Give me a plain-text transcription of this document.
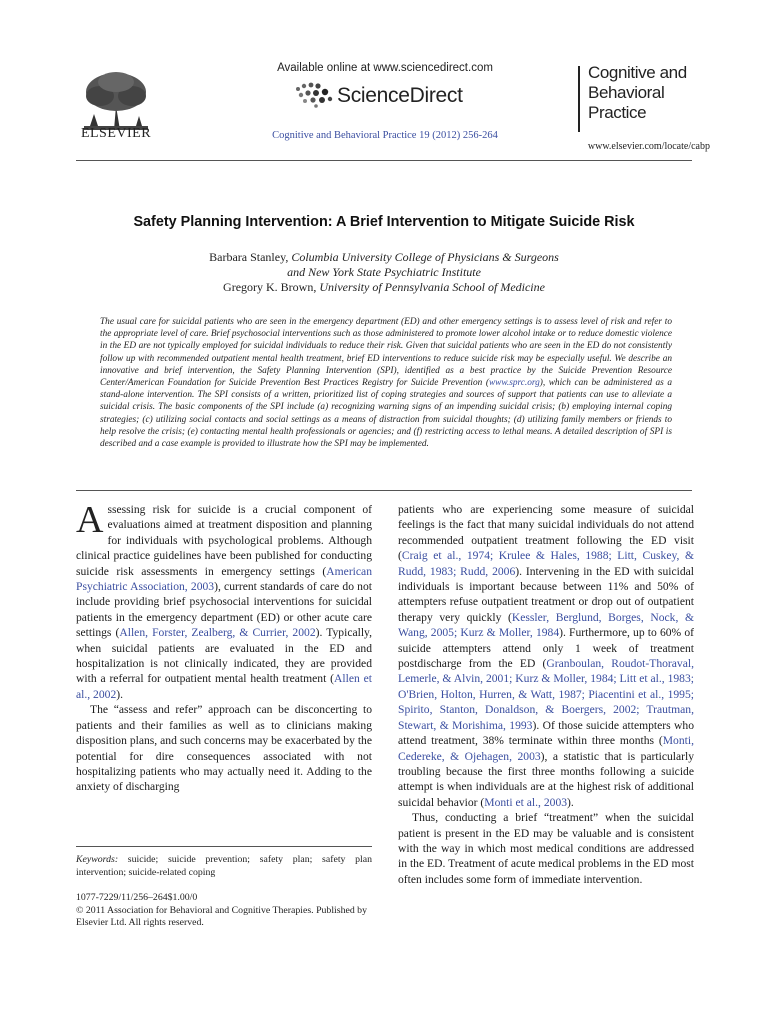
ELSEVIER
Available online at www.sciencedirect.com
ScienceDirect
Cognitive and Behavioral Practice 19 (2012) 256-264
Cognitive and
Behavioral
Practice
www.elsevier.com/locate/cabp
Safety Planning Intervention: A Brief Intervention to Mitigate Suicide Risk
Barbara Stanley, Columbia University College of Physicians & Surgeons
and New York State Psychiatric Institute
Gregory K. Brown, University of Pennsylvania School of Medicine
The usual care for suicidal patients who are seen in the emergency department (ED) and other emergency settings is to assess level of risk and refer to the appropriate level of care. Brief psychosocial interventions such as those administered to promote lower alcohol intake or to reduce domestic violence in the ED are not typically employed for suicidal individuals to reduce their risk. Given that suicidal patients who are seen in the ED do not consistently follow up with recommended outpatient mental health treatment, brief ED interventions to reduce suicide risk may be especially useful. We describe an innovative and brief intervention, the Safety Planning Intervention (SPI), identified as a best practice by the Suicide Prevention Resource Center/American Foundation for Suicide Prevention Best Practices Registry for Suicide Prevention (www.sprc.org), which can be administered as a stand-alone intervention. The SPI consists of a written, prioritized list of coping strategies and sources of support that patients can use to alleviate a suicidal crisis. The basic components of the SPI include (a) recognizing warning signs of an impending suicidal crisis; (b) employing internal coping strategies; (c) utilizing social contacts and social settings as a means of distraction from suicidal thoughts; (d) utilizing family members or friends to help resolve the crisis; (e) contacting mental health professionals or agencies; and (f) restricting access to lethal means. A detailed description of SPI is described and a case example is provided to illustrate how the SPI may be implemented.

Assessing risk for suicide is a crucial component of evaluations aimed at treatment disposition and planning for individuals with psychological problems. Although clinical practice guidelines have been published for conducting suicide risk assessments in emergency settings (American Psychiatric Association, 2003), current standards of care do not include providing brief psychosocial interventions for suicidal patients in the emergency department (ED) or other acute care settings (Allen, Forster, Zealberg, & Currier, 2002). Typically, when suicidal patients are evaluated in the ED and hospitalization is not clinically indicated, they are provided with a referral for outpatient mental health treatment (Allen et al., 2002).

The “assess and refer” approach can be disconcerting to patients and their families as well as to clinicians making disposition plans, and such concerns may be exacerbated by the potential for dire consequences associated with not hospitalizing patients who may actually need it. Adding to the anxiety of discharging

patients who are experiencing some measure of suicidal feelings is the fact that many suicidal individuals do not attend recommended outpatient treatment following the ED visit (Craig et al., 1974; Krulee & Hales, 1988; Litt, Cuskey, & Rudd, 1983; Rudd, 2006). Intervening in the ED with suicidal individuals is important because between 11% and 50% of attempters refuse outpatient treatment or drop out of outpatient therapy very quickly (Kessler, Berglund, Borges, Nock, & Wang, 2005; Kurz & Moller, 1984). Furthermore, up to 60% of suicide attempters attend only 1 week of treatment postdischarge from the ED (Granboulan, Roudot-Thoraval, Lemerle, & Alvin, 2001; Kurz & Moller, 1984; Litt et al., 1983; O'Brien, Holton, Hurren, & Watt, 1987; Piacentini et al., 1995; Spirito, Stanton, Donaldson, & Boergers, 2002; Trautman, Stewart, & Morishima, 1993). Of those suicide attempters who attend treatment, 38% terminate within three months (Monti, Cedereke, & Ojehagen, 2003), a statistic that is particularly troubling because the first three months following a suicide attempt is when individuals are at the highest risk of additional suicidal behavior (Monti et al., 2003).

Thus, conducting a brief “treatment” when the suicidal patient is present in the ED may be valuable and is consistent with the way in which most medical conditions are addressed in the ED. Treatment of acute medical problems in the ED most often includes some form of immediate intervention.

Keywords: suicide; suicide prevention; safety plan; safety plan intervention; suicide-related coping
1077-7229/11/256–264$1.00/0
© 2011 Association for Behavioral and Cognitive Therapies. Published by Elsevier Ltd. All rights reserved.
